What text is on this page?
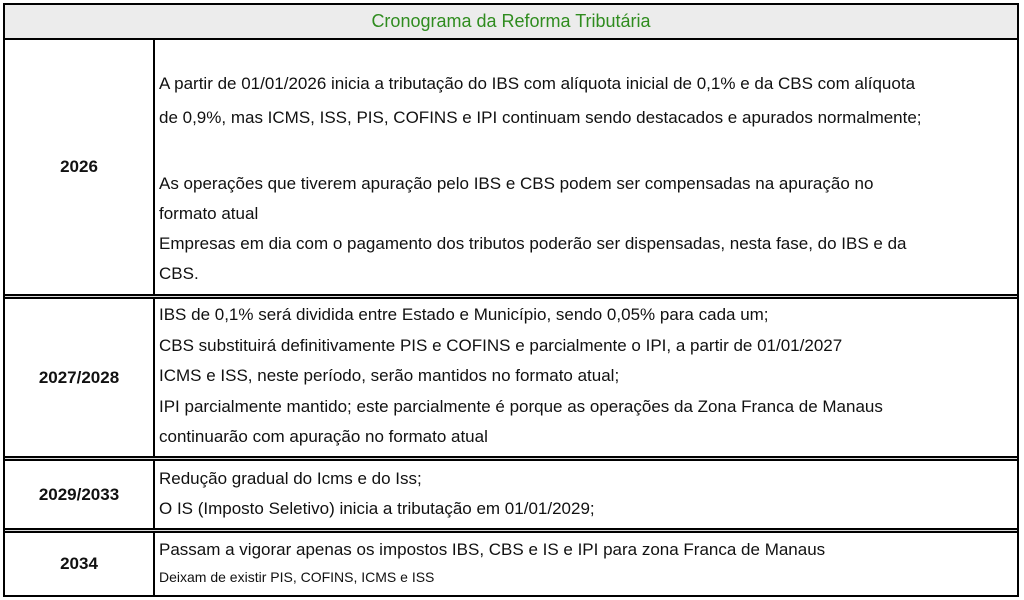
Cronograma da Reforma Tributária
2026
A partir de 01/01/2026 inicia a tributação do IBS com alíquota inicial de 0,1% e da CBS com alíquota
de 0,9%, mas ICMS, ISS, PIS, COFINS e IPI continuam sendo destacados e apurados normalmente;
As operações que tiverem apuração pelo IBS e CBS podem ser compensadas na apuração no
formato atual
Empresas em dia com o pagamento dos tributos poderão ser dispensadas, nesta fase, do IBS e da
CBS.
2027/2028
IBS de 0,1% será dividida entre Estado e Município, sendo 0,05% para cada um;
CBS substituirá definitivamente PIS e COFINS e parcialmente o IPI, a partir de 01/01/2027
ICMS e ISS, neste período, serão mantidos no formato atual;
IPI parcialmente mantido; este parcialmente é porque as operações da Zona Franca de Manaus
continuarão com apuração no formato atual
2029/2033
Redução gradual do Icms e do Iss;
O IS (Imposto Seletivo) inicia a tributação em 01/01/2029;
2034
Passam a vigorar apenas os impostos IBS, CBS e IS e IPI para zona Franca de Manaus
Deixam de existir PIS, COFINS, ICMS e ISS
